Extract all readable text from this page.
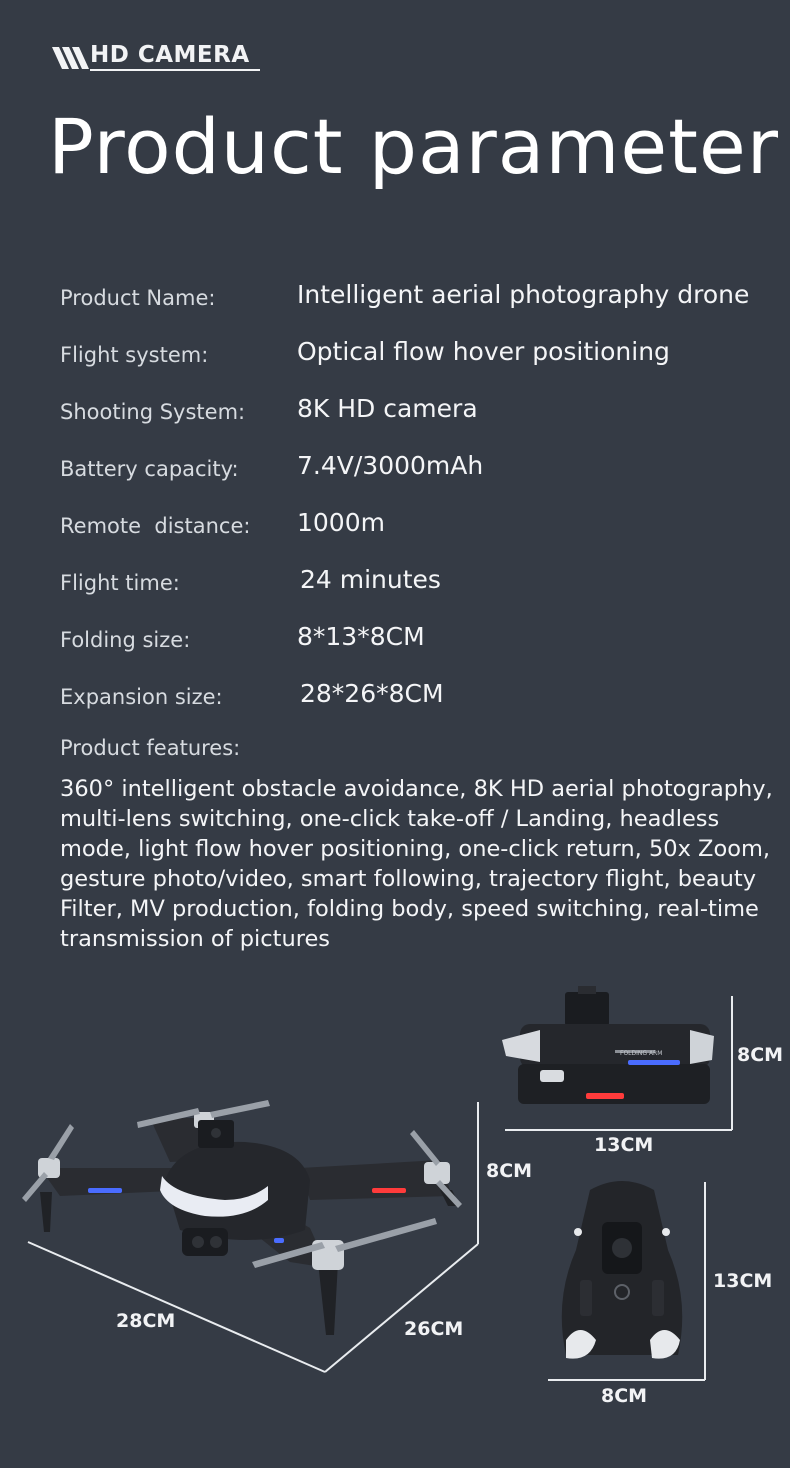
HD CAMERA
Product parameter
Product Name:	Intelligent aerial photography drone
Flight system:	Optical flow hover positioning
Shooting System: 8K HD camera
Battery capacity: 7.4V/3000mAh
Remote  distance: 1000m
Flight time:	24 minutes
Folding size:	8*13*8CM
Expansion size:	28*26*8CM
Product features:
360° intelligent obstacle avoidance, 8K HD aerial photography, multi-lens switching, one-click take-off / Landing, headless mode, light flow hover positioning, one-click return, 50x Zoom, gesture photo/video, smart following, trajectory flight, beauty Filter, MV production, folding body, speed switching, real-time transmission of pictures
FOLDING ARM	8CM
13CM
8CM
13CM
28CM	26CM
8CM
